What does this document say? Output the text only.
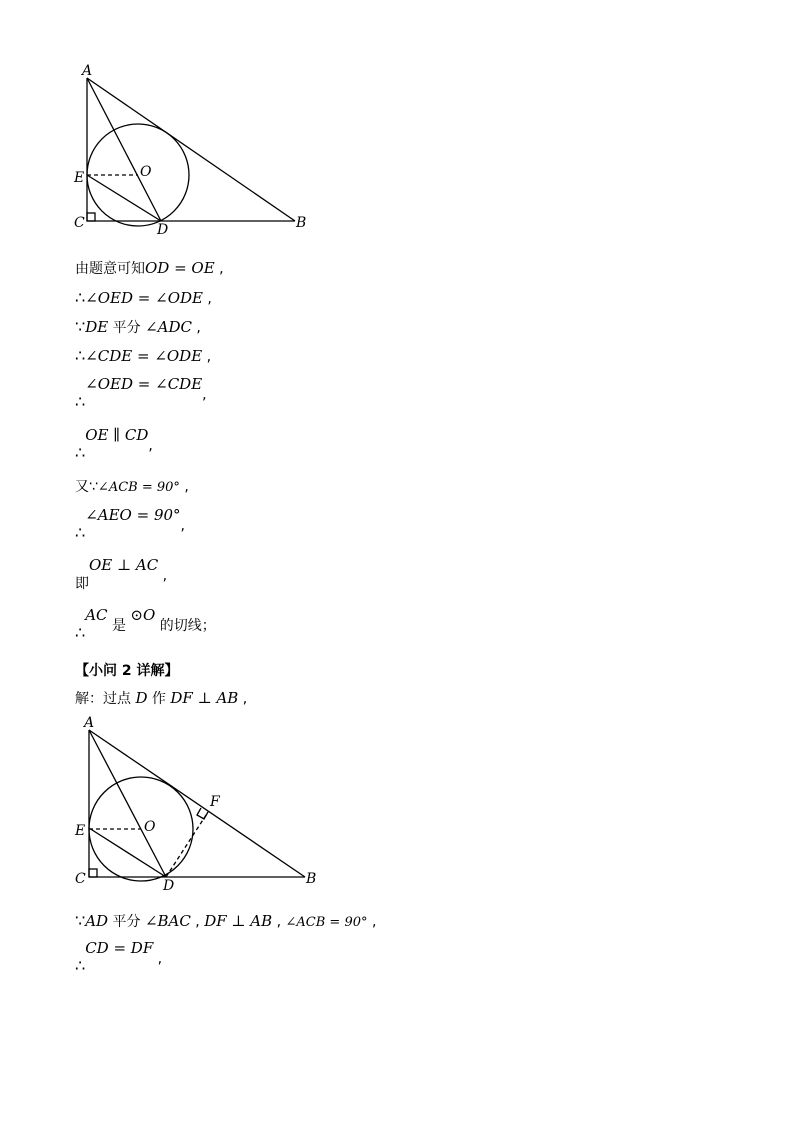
A
E	O
C	D	B
由题意可知OD = OE ,
∴∠OED = ∠ODE ,
∵DE 平分 ∠ADC ,
∴∠CDE = ∠ODE ,
∴∠OED = ∠CDE,
∴OE ∥ CD,
又∵∠ACB = 90° ,
∴∠AEO = 90°,
即OE ⊥ AC ,
∴AC 是 ⊙O 的切线；
【小问 2 详解】
解：过点 D 作 DF ⊥ AB ,
A
F
E	O
C	D	B
∵AD 平分 ∠BAC , DF ⊥ AB , ∠ACB = 90° ,
∴CD = DF ,
